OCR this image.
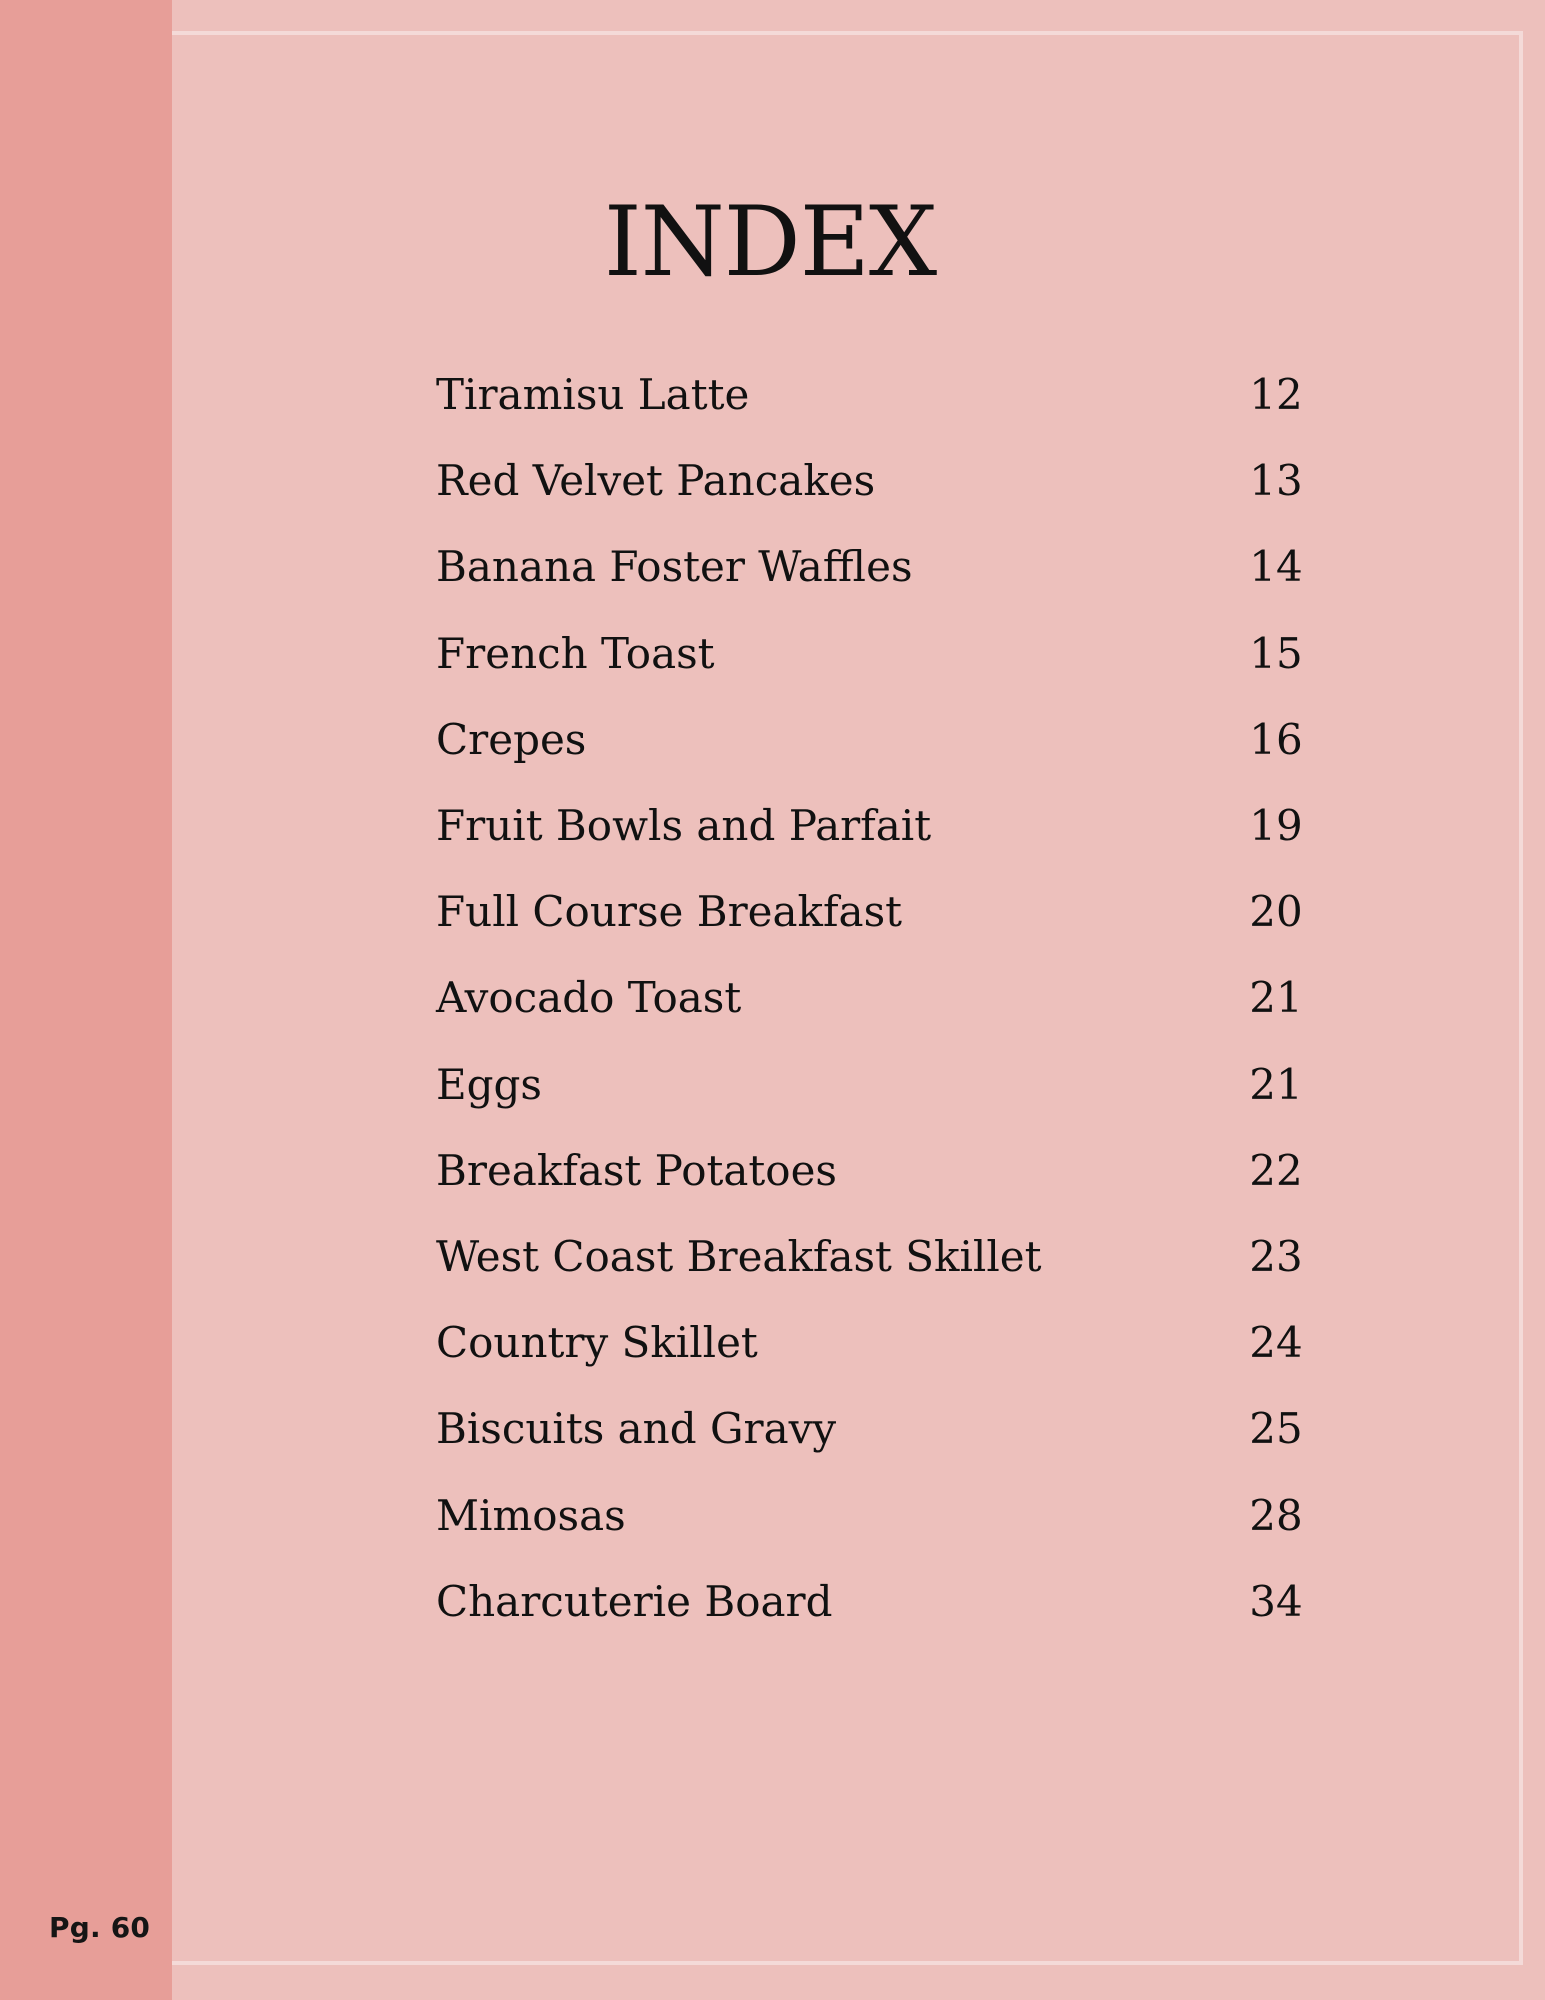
INDEX
Tiramisu Latte	12
Red Velvet Pancakes	13
Banana Foster Waffles	14
French Toast	15
Crepes	16
Fruit Bowls and Parfait	19
Full Course Breakfast	20
Avocado Toast	21
Eggs	21
Breakfast Potatoes	22
West Coast Breakfast Skillet	23
Country Skillet	24
Biscuits and Gravy	25
Mimosas	28
Charcuterie Board	34
Pg. 60
